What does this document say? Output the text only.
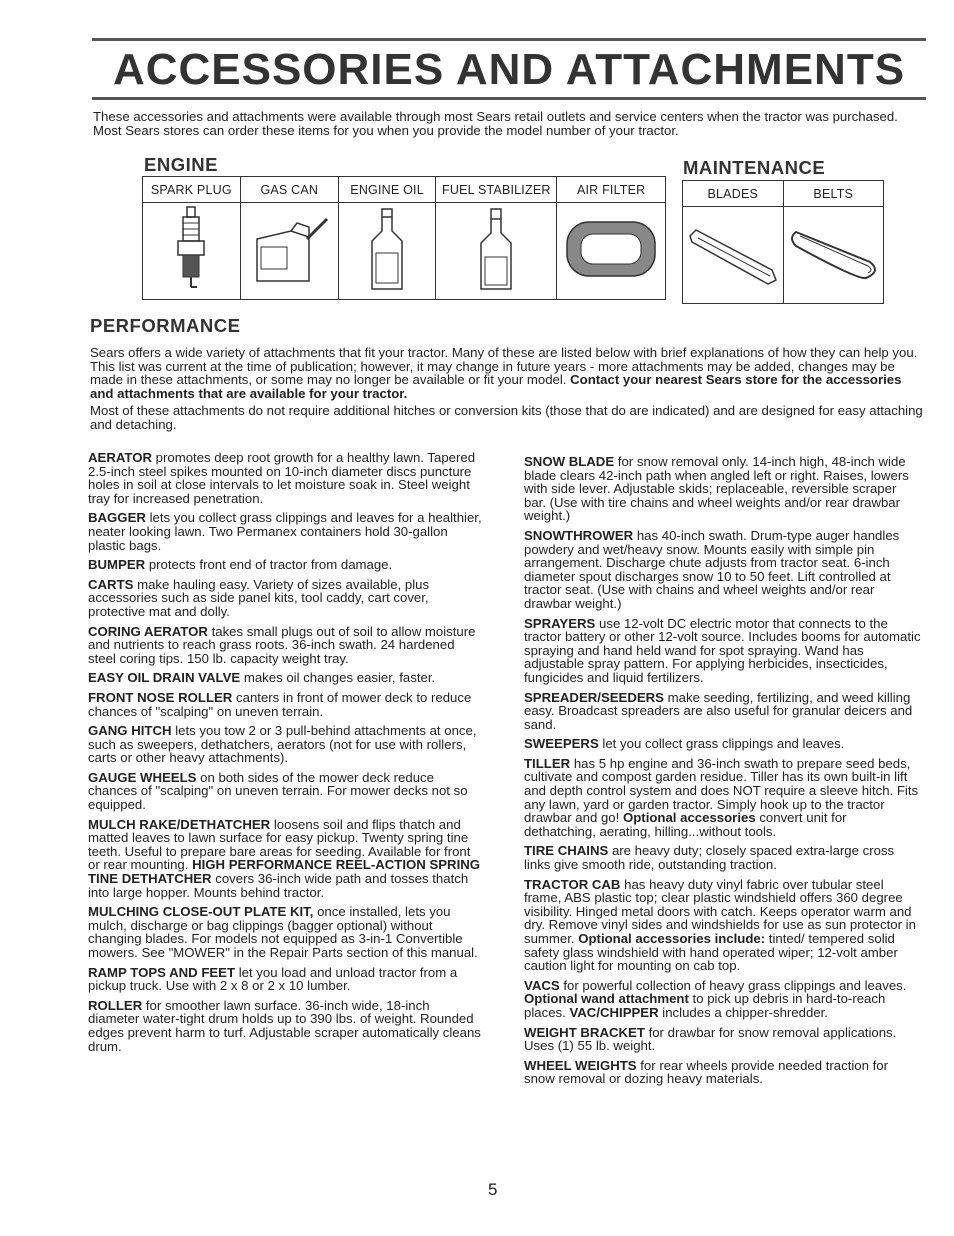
ACCESSORIES AND ATTACHMENTS
These accessories and attachments were available through most Sears retail outlets and service centers when the tractor was purchased. Most Sears stores can order these items for you when you provide the model number of your tractor.
ENGINE	MAINTENANCE
SPARK PLUG	GAS CAN	ENGINE OIL	FUEL STABILIZER	AIR FILTER
					BLADES	BELTS

PERFORMANCE

Sears offers a wide variety of attachments that fit your tractor. Many of these are listed below with brief explanations of how they can help you. This list was current at the time of publication; however, it may change in future years - more attachments may be added, changes may be made in these attachments, or some may no longer be available or fit your model. Contact your nearest Sears store for the accessories and attachments that are available for your tractor.

Most of these attachments do not require additional hitches or conversion kits (those that do are indicated) and are designed for easy attaching and detaching.

AERATOR promotes deep root growth for a healthy lawn. Tapered 2.5-inch steel spikes mounted on 10-inch diameter discs puncture holes in soil at close intervals to let moisture soak in. Steel weight tray for increased penetration.

BAGGER lets you collect grass clippings and leaves for a healthier, neater looking lawn. Two Permanex containers hold 30-gallon plastic bags.

BUMPER protects front end of tractor from damage.

CARTS make hauling easy. Variety of sizes available, plus accessories such as side panel kits, tool caddy, cart cover, protective mat and dolly.

CORING AERATOR takes small plugs out of soil to allow moisture and nutrients to reach grass roots. 36-inch swath. 24 hardened steel coring tips. 150 lb. capacity weight tray.

EASY OIL DRAIN VALVE makes oil changes easier, faster.

FRONT NOSE ROLLER canters in front of mower deck to reduce chances of "scalping" on uneven terrain.

GANG HITCH lets you tow 2 or 3 pull-behind attachments at once, such as sweepers, dethatchers, aerators (not for use with rollers, carts or other heavy attachments).

GAUGE WHEELS on both sides of the mower deck reduce chances of "scalping" on uneven terrain. For mower decks not so equipped.

MULCH RAKE/DETHATCHER loosens soil and flips thatch and matted leaves to lawn surface for easy pickup. Twenty spring tine teeth. Useful to prepare bare areas for seeding. Available for front or rear mounting. HIGH PERFORMANCE REEL-ACTION SPRING TINE DETHATCHER covers 36-inch wide path and tosses thatch into large hopper. Mounts behind tractor.

MULCHING CLOSE-OUT PLATE KIT, once installed, lets you mulch, discharge or bag clippings (bagger optional) without changing blades. For models not equipped as 3-in-1 Convertible mowers. See "MOWER" in the Repair Parts section of this manual.

RAMP TOPS AND FEET let you load and unload tractor from a pickup truck. Use with 2 x 8 or 2 x 10 lumber.

ROLLER for smoother lawn surface. 36-inch wide, 18-inch diameter water-tight drum holds up to 390 lbs. of weight. Rounded edges prevent harm to turf. Adjustable scraper automatically cleans drum.

SNOW BLADE for snow removal only. 14-inch high, 48-inch wide blade clears 42-inch path when angled left or right. Raises, lowers with side lever. Adjustable skids; replaceable, reversible scraper bar. (Use with tire chains and wheel weights and/or rear drawbar weight.)

SNOWTHROWER has 40-inch swath. Drum-type auger handles powdery and wet/heavy snow. Mounts easily with simple pin arrangement. Discharge chute adjusts from tractor seat. 6-inch diameter spout discharges snow 10 to 50 feet. Lift controlled at tractor seat. (Use with chains and wheel weights and/or rear drawbar weight.)

SPRAYERS use 12-volt DC electric motor that connects to the tractor battery or other 12-volt source. Includes booms for automatic spraying and hand held wand for spot spraying. Wand has adjustable spray pattern. For applying herbicides, insecticides, fungicides and liquid fertilizers.

SPREADER/SEEDERS make seeding, fertilizing, and weed killing easy. Broadcast spreaders are also useful for granular deicers and sand.

SWEEPERS let you collect grass clippings and leaves.

TILLER has 5 hp engine and 36-inch swath to prepare seed beds, cultivate and compost garden residue. Tiller has its own built-in lift and depth control system and does NOT require a sleeve hitch. Fits any lawn, yard or garden tractor. Simply hook up to the tractor drawbar and go! Optional accessories convert unit for dethatching, aerating, hilling...without tools.

TIRE CHAINS are heavy duty; closely spaced extra-large cross links give smooth ride, outstanding traction.

TRACTOR CAB has heavy duty vinyl fabric over tubular steel frame, ABS plastic top; clear plastic windshield offers 360 degree visibility. Hinged metal doors with catch. Keeps operator warm and dry. Remove vinyl sides and windshields for use as sun protector in summer. Optional accessories include: tinted/ tempered solid safety glass windshield with hand operated wiper; 12-volt amber caution light for mounting on cab top.

VACS for powerful collection of heavy grass clippings and leaves. Optional wand attachment to pick up debris in hard-to-reach places. VAC/CHIPPER includes a chipper-shredder.

WEIGHT BRACKET for drawbar for snow removal applications. Uses (1) 55 lb. weight.

WHEEL WEIGHTS for rear wheels provide needed traction for snow removal or dozing heavy materials.

5
